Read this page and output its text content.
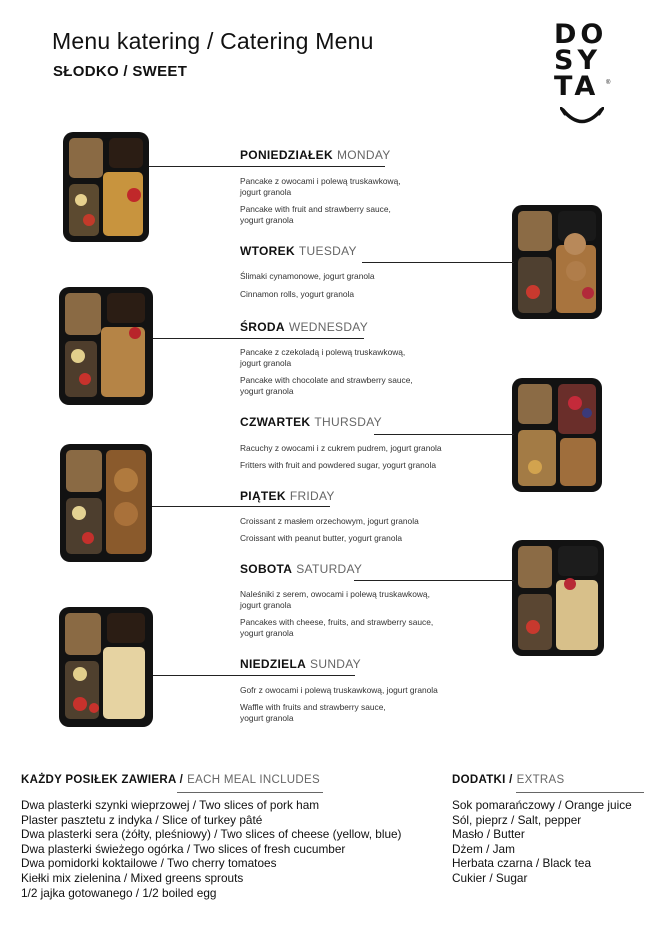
Menu katering / Catering Menu
SŁODKO / SWEET
DO
SY
TA	®
PONIEDZIAŁEK MONDAY
Pancake z owocami i polewą truskawkową,
jogurt granola
Pancake with fruit and strawberry sauce,
yogurt granola
WTOREK TUESDAY
Ślimaki cynamonowe, jogurt granola
Cinnamon rolls, yogurt granola
ŚRODA WEDNESDAY
Pancake z czekoladą i polewą truskawkową,
jogurt granola
Pancake with chocolate and strawberry sauce,
yogurt granola
CZWARTEK THURSDAY
Racuchy z owocami i z cukrem pudrem, jogurt granola
Fritters with fruit and powdered sugar, yogurt granola
PIĄTEK FRIDAY
Croissant z masłem orzechowym, jogurt granola
Croissant with peanut butter, yogurt granola
SOBOTA SATURDAY
Naleśniki z serem, owocami i polewą truskawkową,
jogurt granola
Pancakes with cheese, fruits, and strawberry sauce,
yogurt granola
NIEDZIELA SUNDAY
Gofr z owocami i polewą truskawkową, jogurt granola
Waffle with fruits and strawberry sauce,
yogurt granola
KAŻDY POSIŁEK ZAWIERA / EACH MEAL INCLUDES
Dwa plasterki szynki wieprzowej / Two slices of pork ham
Plaster pasztetu z indyka / Slice of turkey pâté
Dwa plasterki sera (żółty, pleśniowy) / Two slices of cheese (yellow, blue)
Dwa plasterki świeżego ogórka / Two slices of fresh cucumber
Dwa pomidorki koktailowe / Two cherry tomatoes
Kiełki mix zielenina / Mixed greens sprouts
1/2 jajka gotowanego / 1/2 boiled egg
DODATKI / EXTRAS
Sok pomarańczowy / Orange juice
Sól, pieprz / Salt, pepper
Masło / Butter
Dżem / Jam
Herbata czarna / Black tea
Cukier / Sugar
